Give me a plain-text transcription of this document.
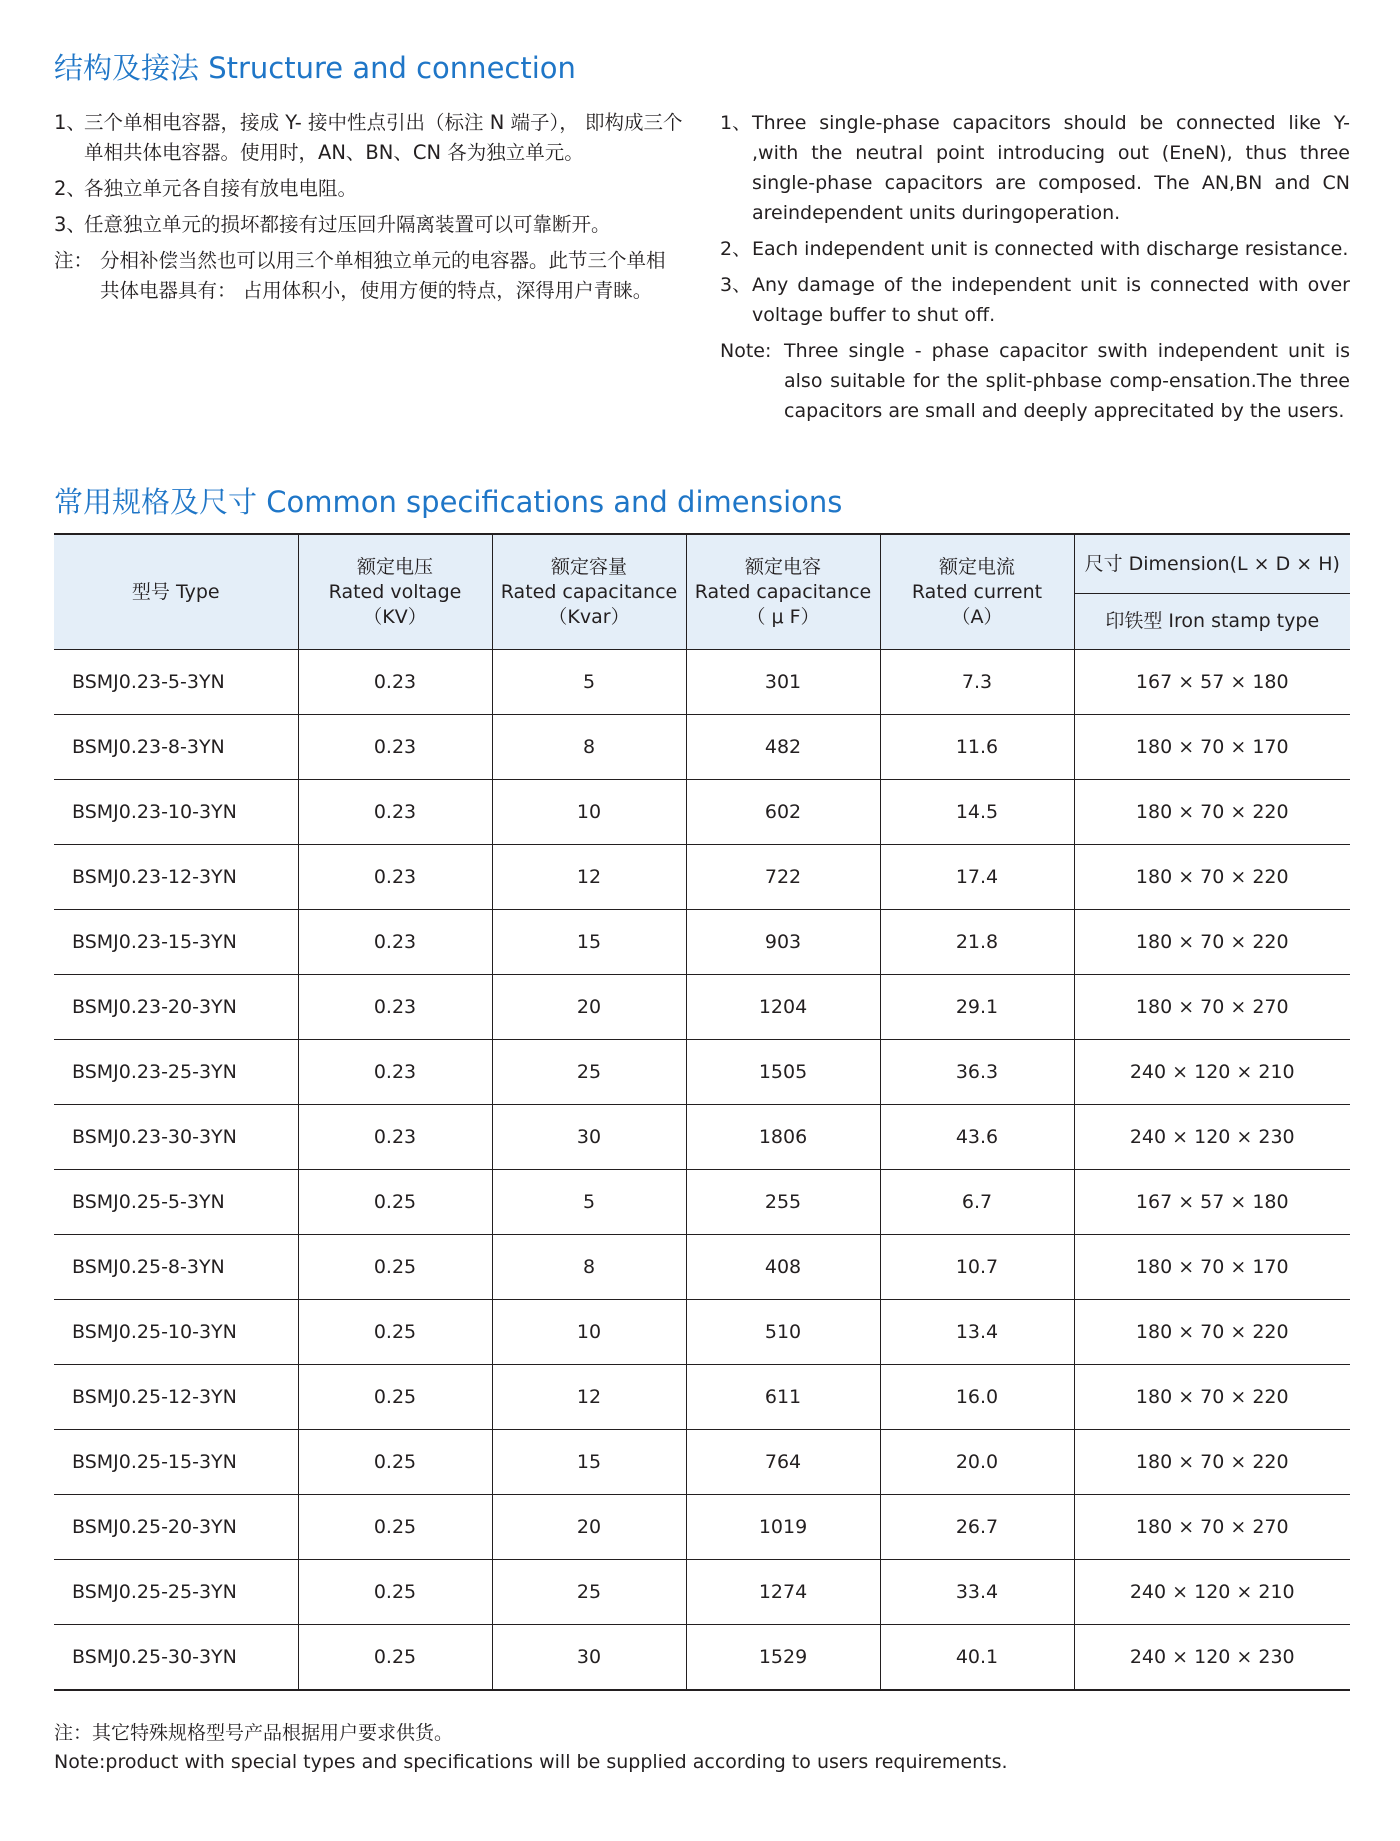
结构及接法 Structure and connection
1、
三个单相电容器，接成 Y- 接中性点引出（标注 N 端子）， 即构成三个单相共体电容器。使用时，AN、BN、CN 各为独立单元。
2、
各独立单元各自接有放电电阻。
3、
任意独立单元的损坏都接有过压回升隔离装置可以可靠断开。
注： 分相补偿当然也可以用三个单相独立单元的电容器。此节三个单相共体电器具有： 占用体积小，使用方便的特点，深得用户青睐。
1、 Three single-phase capacitors should be connected like Y- ,with the neutral point introducing out (EneN), thus three single-phase capacitors are composed. The AN,BN and CN areindependent units duringoperation.
2、 Each independent unit is connected with discharge resistance.
3、 Any damage of the independent unit is connected with over voltage buffer to shut off.
Note: Three single - phase capacitor swith independent unit is also suitable for the split-phbase comp-ensation.The three capacitors are small and deeply apprecitated by the users.
常用规格及尺寸 Common specifications and dimensions
型号 Type	额定电压
Rated voltage
（KV）	额定容量
Rated capacitance
（Kvar）	额定电容
Rated capacitance
（ μ F）	额定电流
Rated current
（A）	尺寸 Dimension(L × D × H)
					印铁型 Iron stamp type
BSMJ0.23-5-3YN	0.23	5	301	7.3	167 × 57 × 180
BSMJ0.23-8-3YN	0.23	8	482	11.6	180 × 70 × 170
BSMJ0.23-10-3YN	0.23	10	602	14.5	180 × 70 × 220
BSMJ0.23-12-3YN	0.23	12	722	17.4	180 × 70 × 220
BSMJ0.23-15-3YN	0.23	15	903	21.8	180 × 70 × 220
BSMJ0.23-20-3YN	0.23	20	1204	29.1	180 × 70 × 270
BSMJ0.23-25-3YN	0.23	25	1505	36.3	240 × 120 × 210
BSMJ0.23-30-3YN	0.23	30	1806	43.6	240 × 120 × 230
BSMJ0.25-5-3YN	0.25	5	255	6.7	167 × 57 × 180
BSMJ0.25-8-3YN	0.25	8	408	10.7	180 × 70 × 170
BSMJ0.25-10-3YN	0.25	10	510	13.4	180 × 70 × 220
BSMJ0.25-12-3YN	0.25	12	611	16.0	180 × 70 × 220
BSMJ0.25-15-3YN	0.25	15	764	20.0	180 × 70 × 220
BSMJ0.25-20-3YN	0.25	20	1019	26.7	180 × 70 × 270
BSMJ0.25-25-3YN	0.25	25	1274	33.4	240 × 120 × 210
BSMJ0.25-30-3YN	0.25	30	1529	40.1	240 × 120 × 230
注：其它特殊规格型号产品根据用户要求供货。
Note:product with special types and specifications will be supplied according to users requirements.
